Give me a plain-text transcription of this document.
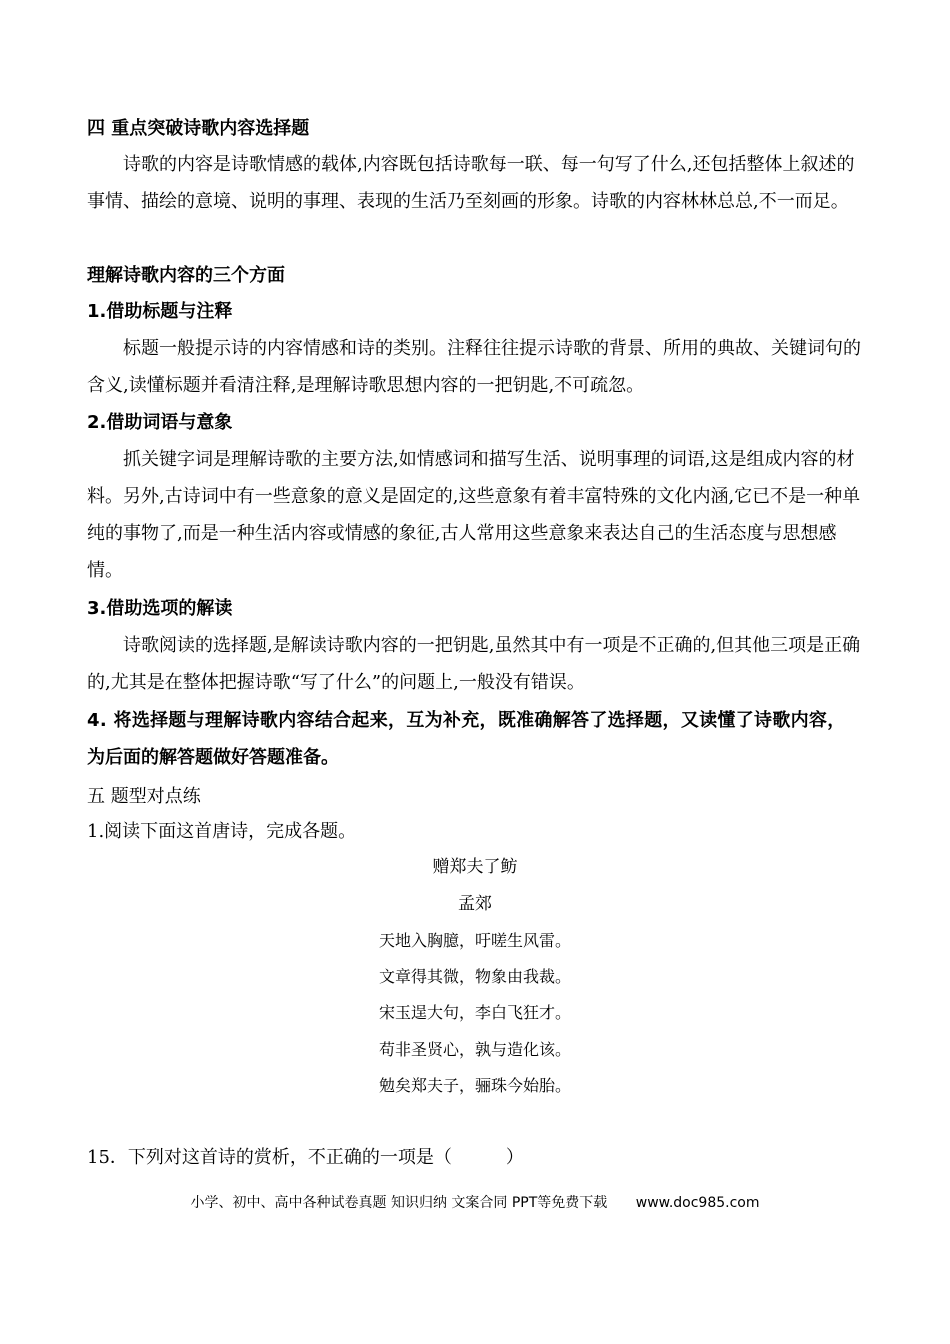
四 重点突破诗歌内容选择题
诗歌的内容是诗歌情感的载体,内容既包括诗歌每一联、每一句写了什么,还包括整体上叙述的事情、描绘的意境、说明的事理、表现的生活乃至刻画的形象。诗歌的内容林林总总,不一而足。
理解诗歌内容的三个方面
1.借助标题与注释
标题一般提示诗的内容情感和诗的类别。注释往往提示诗歌的背景、所用的典故、关键词句的含义,读懂标题并看清注释,是理解诗歌思想内容的一把钥匙,不可疏忽。
2.借助词语与意象
抓关键字词是理解诗歌的主要方法,如情感词和描写生活、说明事理的词语,这是组成内容的材料。另外,古诗词中有一些意象的意义是固定的,这些意象有着丰富特殊的文化内涵,它已不是一种单纯的事物了,而是一种生活内容或情感的象征,古人常用这些意象来表达自己的生活态度与思想感情。
3.借助选项的解读
诗歌阅读的选择题,是解读诗歌内容的一把钥匙,虽然其中有一项是不正确的,但其他三项是正确的,尤其是在整体把握诗歌“写了什么”的问题上,一般没有错误。
4. 将选择题与理解诗歌内容结合起来，互为补充，既准确解答了选择题，又读懂了诗歌内容，
为后面的解答题做好答题准备。
五 题型对点练
1.阅读下面这首唐诗，完成各题。
赠郑夫了鲂
孟郊
天地入胸臆，吁嗟生风雷。
文章得其微，物象由我裁。
宋玉逞大句，李白飞狂才。
苟非圣贤心，孰与造化该。
勉矣郑夫子，骊珠今始胎。
15．下列对这首诗的赏析，不正确的一项是（　　　）
小学、初中、高中各种试卷真题 知识归纳 文案合同 PPT等免费下载 www.doc985.com
